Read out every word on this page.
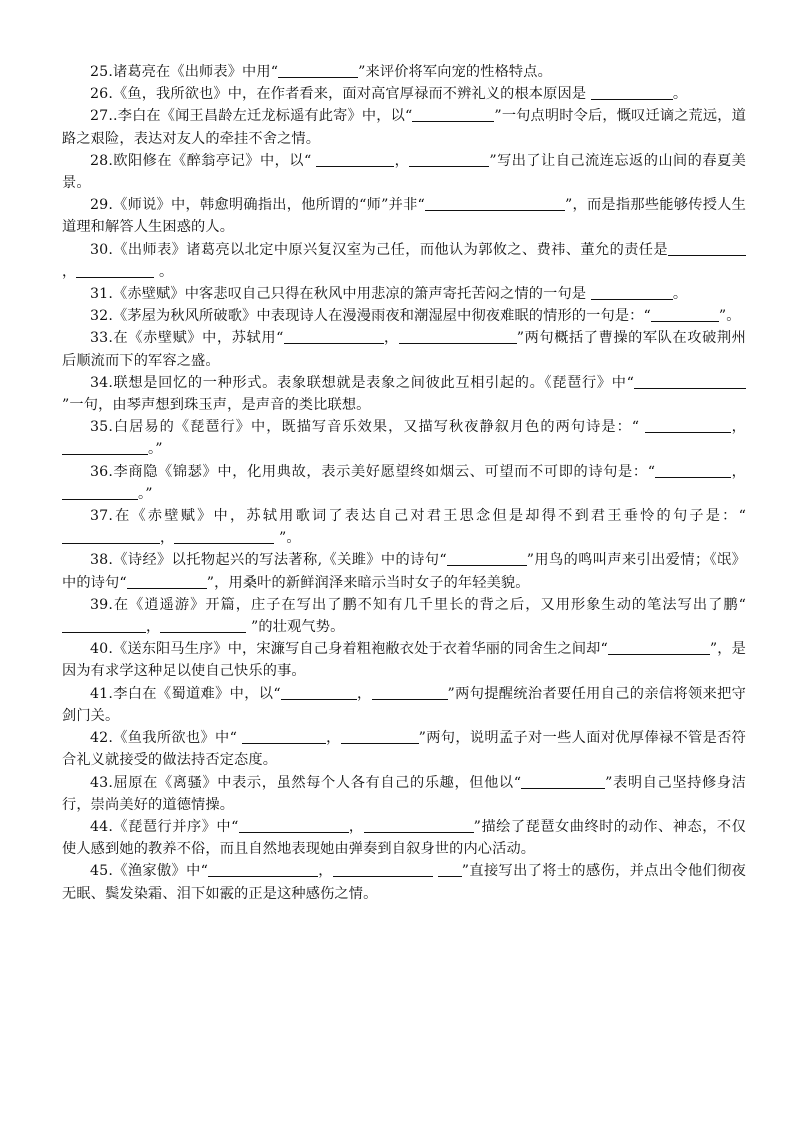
25.诸葛亮在《出师表》中用“	”来评价将军向宠的性格特点。

26.《鱼，我所欲也》中，在作者看来，面对高官厚禄而不辨礼义的根本原因是	。

27..李白在《闻王昌龄左迁龙标遥有此寄》中，以“	”一句点明时令后，慨叹迁谪之荒远，道路之艰险，表达对友人的牵挂不舍之情。

28.欧阳修在《醉翁亭记》中，以“	，	”写出了让自己流连忘返的山间的春夏美景。

29.《师说》中，韩愈明确指出，他所谓的“师”并非“	”，而是指那些能够传授人生道理和解答人生困惑的人。

30.《出师表》诸葛亮以北定中原兴复汉室为己任，而他认为郭攸之、费祎、董允的责任是，	。

31.《赤壁赋》中客悲叹自己只得在秋风中用悲凉的箫声寄托苦闷之情的一句是	。

32.《茅屋为秋风所破歌》中表现诗人在漫漫雨夜和潮湿屋中彻夜难眠的情形的一句是：“	”。

33.在《赤壁赋》中，苏轼用“	，	”两句概括了曹操的军队在攻破荆州后顺流而下的军容之盛。

34.联想是回忆的一种形式。表象联想就是表象之间彼此互相引起的。《琵琶行》中“”一句，由琴声想到珠玉声，是声音的类比联想。

35.白居易的《琵琶行》中，既描写音乐效果，又描写秋夜静叙月色的两句诗是：“	，。”

36.李商隐《锦瑟》中，化用典故，表示美好愿望终如烟云、可望而不可即的诗句是：“	，。”

37.在《赤壁赋》中，苏轼用歌词了表达自己对君王思念但是却得不到君王垂怜的句子是：“，	”。

38.《诗经》以托物起兴的写法著称,《关雎》中的诗句“	”用鸟的鸣叫声来引出爱情；《氓》中的诗句“	”，用桑叶的新鲜润泽来暗示当时女子的年轻美貌。

39.在《逍遥游》开篇，庄子在写出了鹏不知有几千里长的背之后，又用形象生动的笔法写出了鹏“，	”的壮观气势。

40.《送东阳马生序》中，宋濂写自己身着粗袍敝衣处于衣着华丽的同舍生之间却“	”，是因为有求学这种足以使自己快乐的事。

41.李白在《蜀道难》中，以“	，	”两句提醒统治者要任用自己的亲信将领来把守剑门关。

42.《鱼我所欲也》中“	，	”两句，说明孟子对一些人面对优厚俸禄不管是否符合礼义就接受的做法持否定态度。

43.屈原在《离骚》中表示，虽然每个人各有自己的乐趣，但他以“	”表明自己坚持修身洁行，崇尚美好的道德情操。

44.《琵琶行并序》中“	，	”描绘了琵琶女曲终时的动作、神态，不仅使人感到她的教养不俗，而且自然地表现她由弹奏到自叙身世的内心活动。

45.《渔家傲》中“	，	”直接写出了将士的感伤，并点出令他们彻夜无眠、鬓发染霜、泪下如霰的正是这种感伤之情。
